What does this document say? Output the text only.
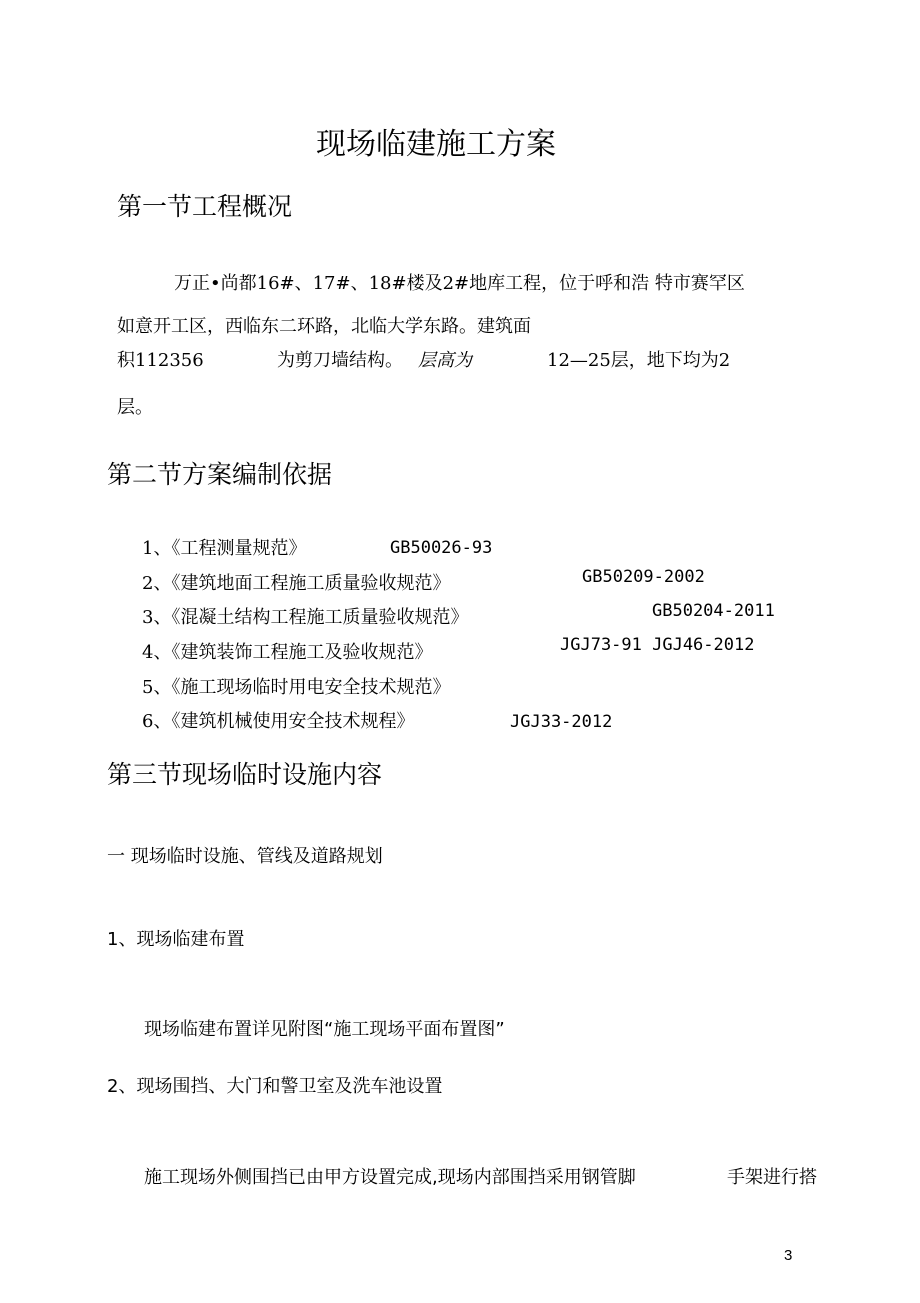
现场临建施工方案
第一节工程概况
万正•尚都16#、17#、18#楼及2#地库工程，位于呼和浩 特市赛罕区
如意开工区，西临东二环路，北临大学东路。建筑面
积112356	为剪刀墙结构。 层高为	12—25层，地下均为2
层。
第二节方案编制依据
1、《工程测量规范》	GB50026-93
2、《建筑地面工程施工质量验收规范》	GB50209-2002
3、《混凝土结构工程施工质量验收规范》	GB50204-2011
4、《建筑装饰工程施工及验收规范》	JGJ73-91 JGJ46-2012
5、《施工现场临时用电安全技术规范》
6、《建筑机械使用安全技术规程》	JGJ33-2012
第三节现场临时设施内容
一 现场临时设施、管线及道路规划
1、现场临建布置
现场临建布置详见附图“施工现场平面布置图”
2、现场围挡、大门和警卫室及洗车池设置
施工现场外侧围挡已由甲方设置完成,现场内部围挡采用钢管脚	手架进行搭
3
